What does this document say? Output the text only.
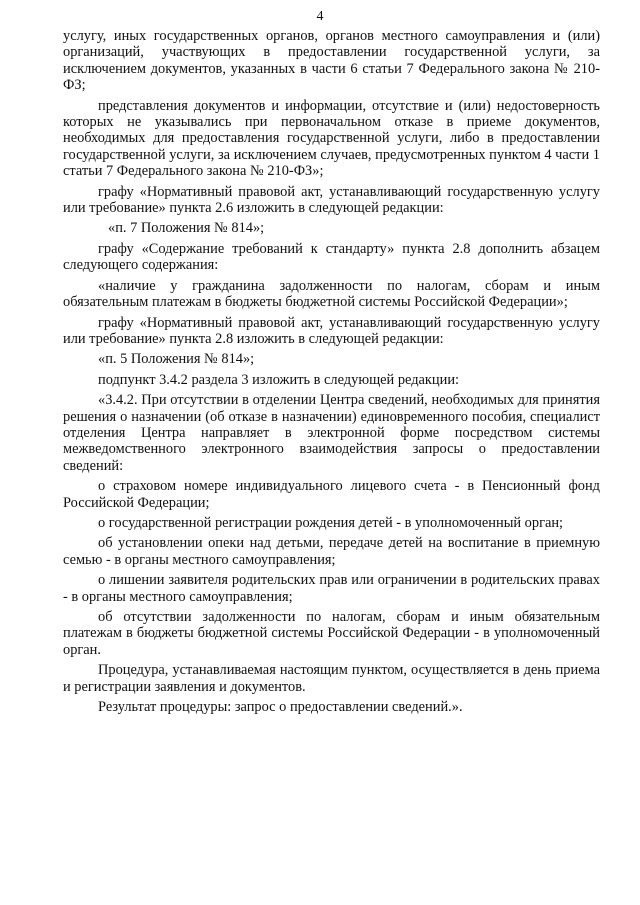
4

услугу, иных государственных органов, органов местного самоуправления и (или) организаций, участвующих в предоставлении государственной услуги, за исключением документов, указанных в части 6 статьи 7 Федерального закона № 210-ФЗ;

представления документов и информации, отсутствие и (или) недостоверность которых не указывались при первоначальном отказе в приеме документов, необходимых для предоставления государственной услуги, либо в предоставлении государственной услуги, за исключением случаев, предусмотренных пунктом 4 части 1 статьи 7 Федерального закона № 210-ФЗ»;

графу «Нормативный правовой акт, устанавливающий государственную услугу или требование» пункта 2.6 изложить в следующей редакции:

«п. 7 Положения № 814»;

графу «Содержание требований к стандарту» пункта 2.8 дополнить абзацем следующего содержания:

«наличие у гражданина задолженности по налогам, сборам и иным обязательным платежам в бюджеты бюджетной системы Российской Федерации»;

графу «Нормативный правовой акт, устанавливающий государственную услугу или требование» пункта 2.8 изложить в следующей редакции:

«п. 5 Положения № 814»;

подпункт 3.4.2 раздела 3 изложить в следующей редакции:

«3.4.2. При отсутствии в отделении Центра сведений, необходимых для принятия решения о назначении (об отказе в назначении) единовременного пособия, специалист отделения Центра направляет в электронной форме посредством системы межведомственного электронного взаимодействия запросы о предоставлении сведений:

о страховом номере индивидуального лицевого счета - в Пенсионный фонд Российской Федерации;

о государственной регистрации рождения детей - в уполномоченный орган;

об установлении опеки над детьми, передаче детей на воспитание в приемную семью - в органы местного самоуправления;

о лишении заявителя родительских прав или ограничении в родительских правах - в органы местного самоуправления;

об отсутствии задолженности по налогам, сборам и иным обязательным платежам в бюджеты бюджетной системы Российской Федерации - в уполномоченный орган.

Процедура, устанавливаемая настоящим пунктом, осуществляется в день приема и регистрации заявления и документов.

Результат процедуры: запрос о предоставлении сведений.».
